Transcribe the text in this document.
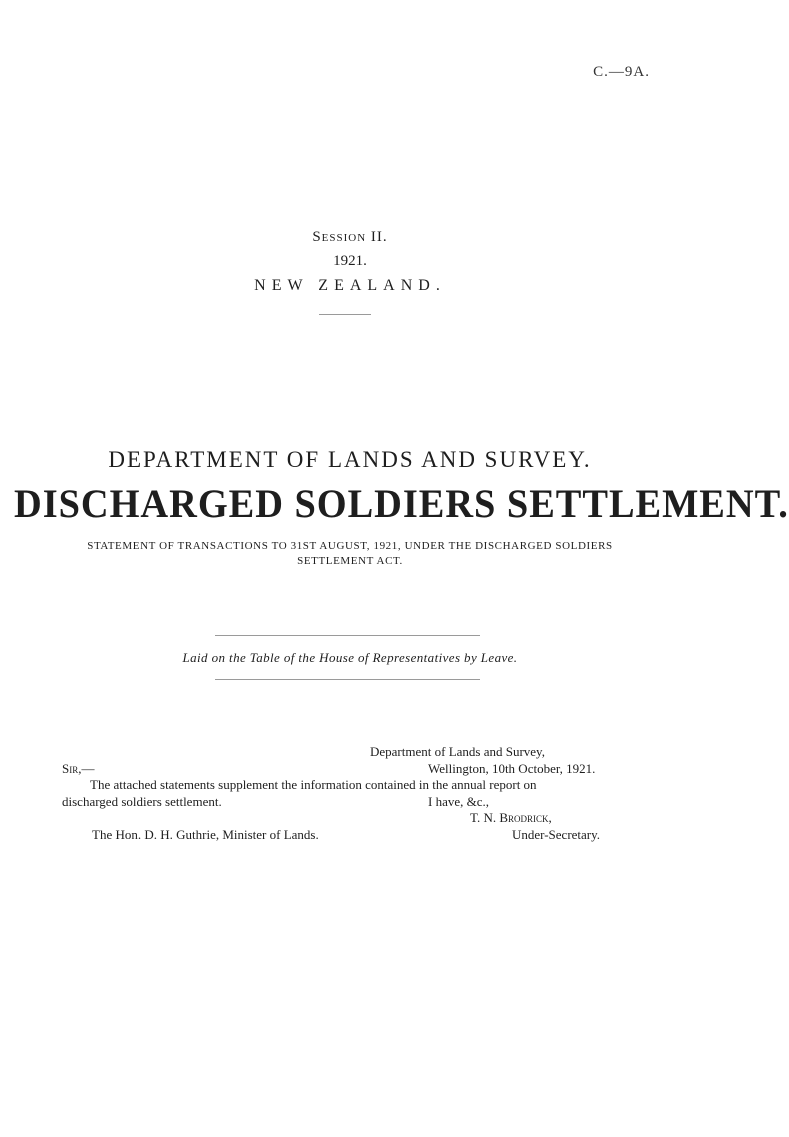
C.—9A.
Session II.
1921.
NEW ZEALAND.
DEPARTMENT OF LANDS AND SURVEY.
DISCHARGED SOLDIERS SETTLEMENT.
STATEMENT OF TRANSACTIONS TO 31ST AUGUST, 1921, UNDER THE DISCHARGED SOLDIERS
SETTLEMENT ACT.
Laid on the Table of the House of Representatives by Leave.
Department of Lands and Survey,
Wellington, 10th October, 1921.
Sir,—
The attached statements supplement the information contained in the annual report on
discharged soldiers settlement.	I have, &c.,
T. N. Brodrick,
The Hon. D. H. Guthrie, Minister of Lands.	Under-Secretary.
